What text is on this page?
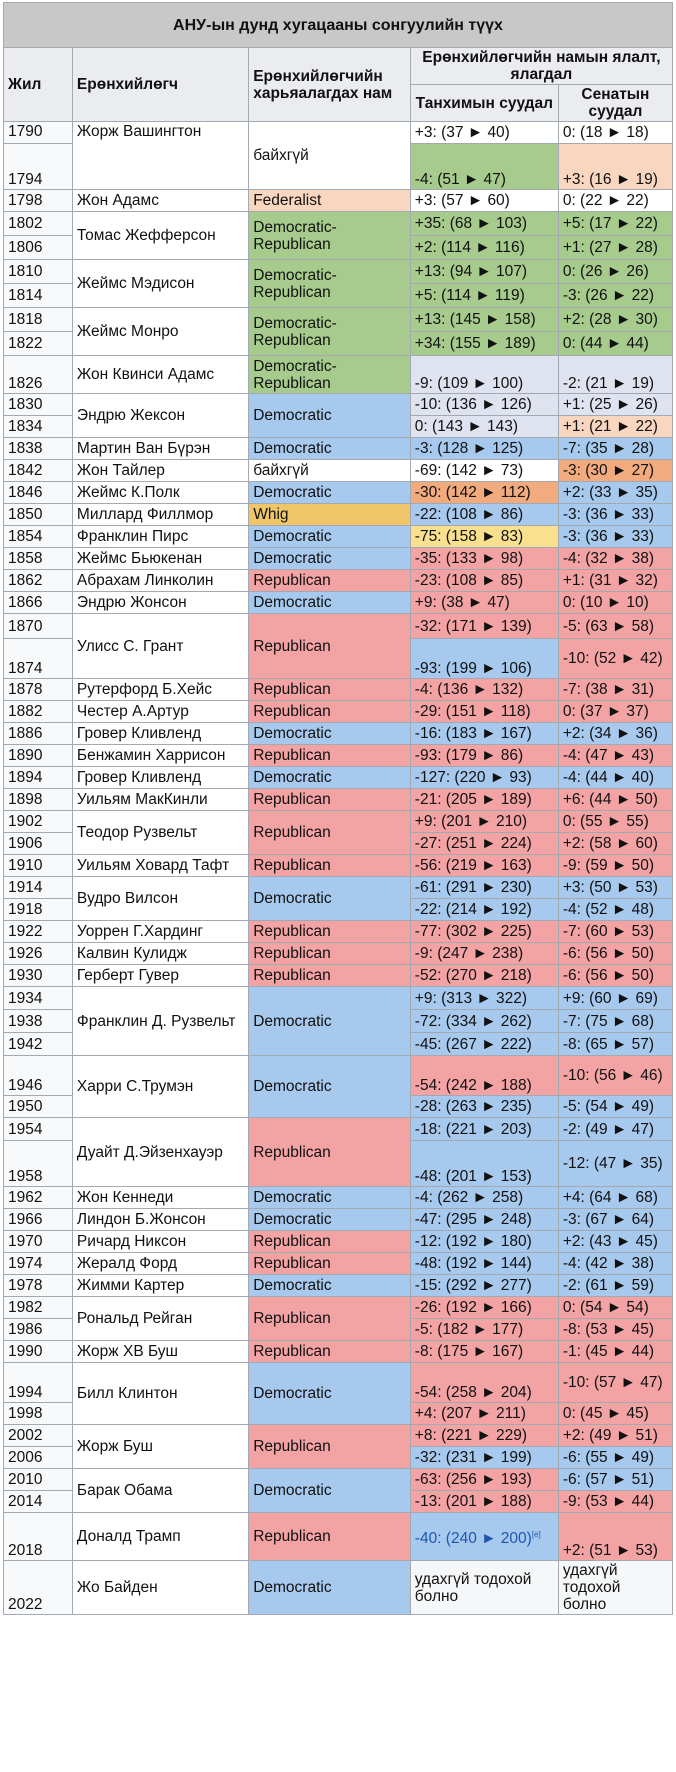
АНУ-ын дунд хугацааны сонгуулийн түүх				
Жил	Ерөнхийлөгч	Ерөнхийлөгчийн харьяалагдах нам	Ерөнхийлөгчийн намын ялалт, ялагдал	
			Танхимын суудал	Сенатын суудал
1790	Жорж Вашингтон	байхгүй	+3: (37 ► 40)	0: (18 ► 18)
1794			-4: (51 ► 47)	+3: (16 ► 19)
1798	Жон Адамс	Federalist	+3: (57 ► 60)	0: (22 ► 22)
1802	Томас Жефферсон	Democratic-Republican	+35: (68 ► 103)	+5: (17 ► 22)
1806			+2: (114 ► 116)	+1: (27 ► 28)
1810	Жеймс Мэдисон	Democratic-Republican	+13: (94 ► 107)	0: (26 ► 26)
1814			+5: (114 ► 119)	-3: (26 ► 22)
1818	Жеймс Монро	Democratic-Republican	+13: (145 ► 158)	+2: (28 ► 30)
1822			+34: (155 ► 189)	0: (44 ► 44)
1826	Жон Квинси Адамс	Democratic-Republican	-9: (109 ► 100)	-2: (21 ► 19)
1830	Эндрю Жексон	Democratic	-10: (136 ► 126)	+1: (25 ► 26)
1834			0: (143 ► 143)	+1: (21 ► 22)
1838	Мартин Ван Бүрэн	Democratic	-3: (128 ► 125)	-7: (35 ► 28)
1842	Жон Тайлер	байхгүй	-69: (142 ► 73)	-3: (30 ► 27)
1846	Жеймс К.Полк	Democratic	-30: (142 ► 112)	+2: (33 ► 35)
1850	Миллард Филлмор	Whig	-22: (108 ► 86)	-3: (36 ► 33)
1854	Франклин Пирс	Democratic	-75: (158 ► 83)	-3: (36 ► 33)
1858	Жеймс Бьюкенан	Democratic	-35: (133 ► 98)	-4: (32 ► 38)
1862	Абрахам Линколин	Republican	-23: (108 ► 85)	+1: (31 ► 32)
1866	Эндрю Жонсон	Democratic	+9: (38 ► 47)	0: (10 ► 10)
1870	Улисс С. Грант	Republican	-32: (171 ► 139)	-5: (63 ► 58)
1874			-93: (199 ► 106)	-10: (52 ► 42)
1878	Рутерфорд Б.Хейс	Republican	-4: (136 ► 132)	-7: (38 ► 31)
1882	Честер А.Артур	Republican	-29: (151 ► 118)	0: (37 ► 37)
1886	Гровер Кливленд	Democratic	-16: (183 ► 167)	+2: (34 ► 36)
1890	Бенжамин Харрисон	Republican	-93: (179 ► 86)	-4: (47 ► 43)
1894	Гровер Кливленд	Democratic	-127: (220 ► 93)	-4: (44 ► 40)
1898	Уильям МакКинли	Republican	-21: (205 ► 189)	+6: (44 ► 50)
1902	Теодор Рузвельт	Republican	+9: (201 ► 210)	0: (55 ► 55)
1906			-27: (251 ► 224)	+2: (58 ► 60)
1910	Уильям Ховард Тафт	Republican	-56: (219 ► 163)	-9: (59 ► 50)
1914	Вудро Вилсон	Democratic	-61: (291 ► 230)	+3: (50 ► 53)
1918			-22: (214 ► 192)	-4: (52 ► 48)
1922	Уоррен Г.Хардинг	Republican	-77: (302 ► 225)	-7: (60 ► 53)
1926	Калвин Кулидж	Republican	-9: (247 ► 238)	-6: (56 ► 50)
1930	Герберт Гувер	Republican	-52: (270 ► 218)	-6: (56 ► 50)
1934	Франклин Д. Рузвельт	Democratic	+9: (313 ► 322)	+9: (60 ► 69)
1938			-72: (334 ► 262)	-7: (75 ► 68)
1942			-45: (267 ► 222)	-8: (65 ► 57)
1946	Харри С.Трумэн	Democratic	-54: (242 ► 188)	-10: (56 ► 46)
1950			-28: (263 ► 235)	-5: (54 ► 49)
1954	Дуайт Д.Эйзенхауэр	Republican	-18: (221 ► 203)	-2: (49 ► 47)
1958			-48: (201 ► 153)	-12: (47 ► 35)
1962	Жон Кеннеди	Democratic	-4: (262 ► 258)	+4: (64 ► 68)
1966	Линдон Б.Жонсон	Democratic	-47: (295 ► 248)	-3: (67 ► 64)
1970	Ричард Никсон	Republican	-12: (192 ► 180)	+2: (43 ► 45)
1974	Жералд Форд	Republican	-48: (192 ► 144)	-4: (42 ► 38)
1978	Жимми Картер	Democratic	-15: (292 ► 277)	-2: (61 ► 59)
1982	Рональд Рейган	Republican	-26: (192 ► 166)	0: (54 ► 54)
1986			-5: (182 ► 177)	-8: (53 ► 45)
1990	Жорж ХВ Буш	Republican	-8: (175 ► 167)	-1: (45 ► 44)
1994	Билл Клинтон	Democratic	-54: (258 ► 204)	-10: (57 ► 47)
1998			+4: (207 ► 211)	0: (45 ► 45)
2002	Жорж Буш	Republican	+8: (221 ► 229)	+2: (49 ► 51)
2006			-32: (231 ► 199)	-6: (55 ► 49)
2010	Барак Обама	Democratic	-63: (256 ► 193)	-6: (57 ► 51)
2014			-13: (201 ► 188)	-9: (53 ► 44)
2018	Доналд Трамп	Republican	-40: (240 ► 200)[e]	+2: (51 ► 53)
2022	Жо Байден	Democratic	удахгүй тодохой болно	удахгүй тодохой болно
